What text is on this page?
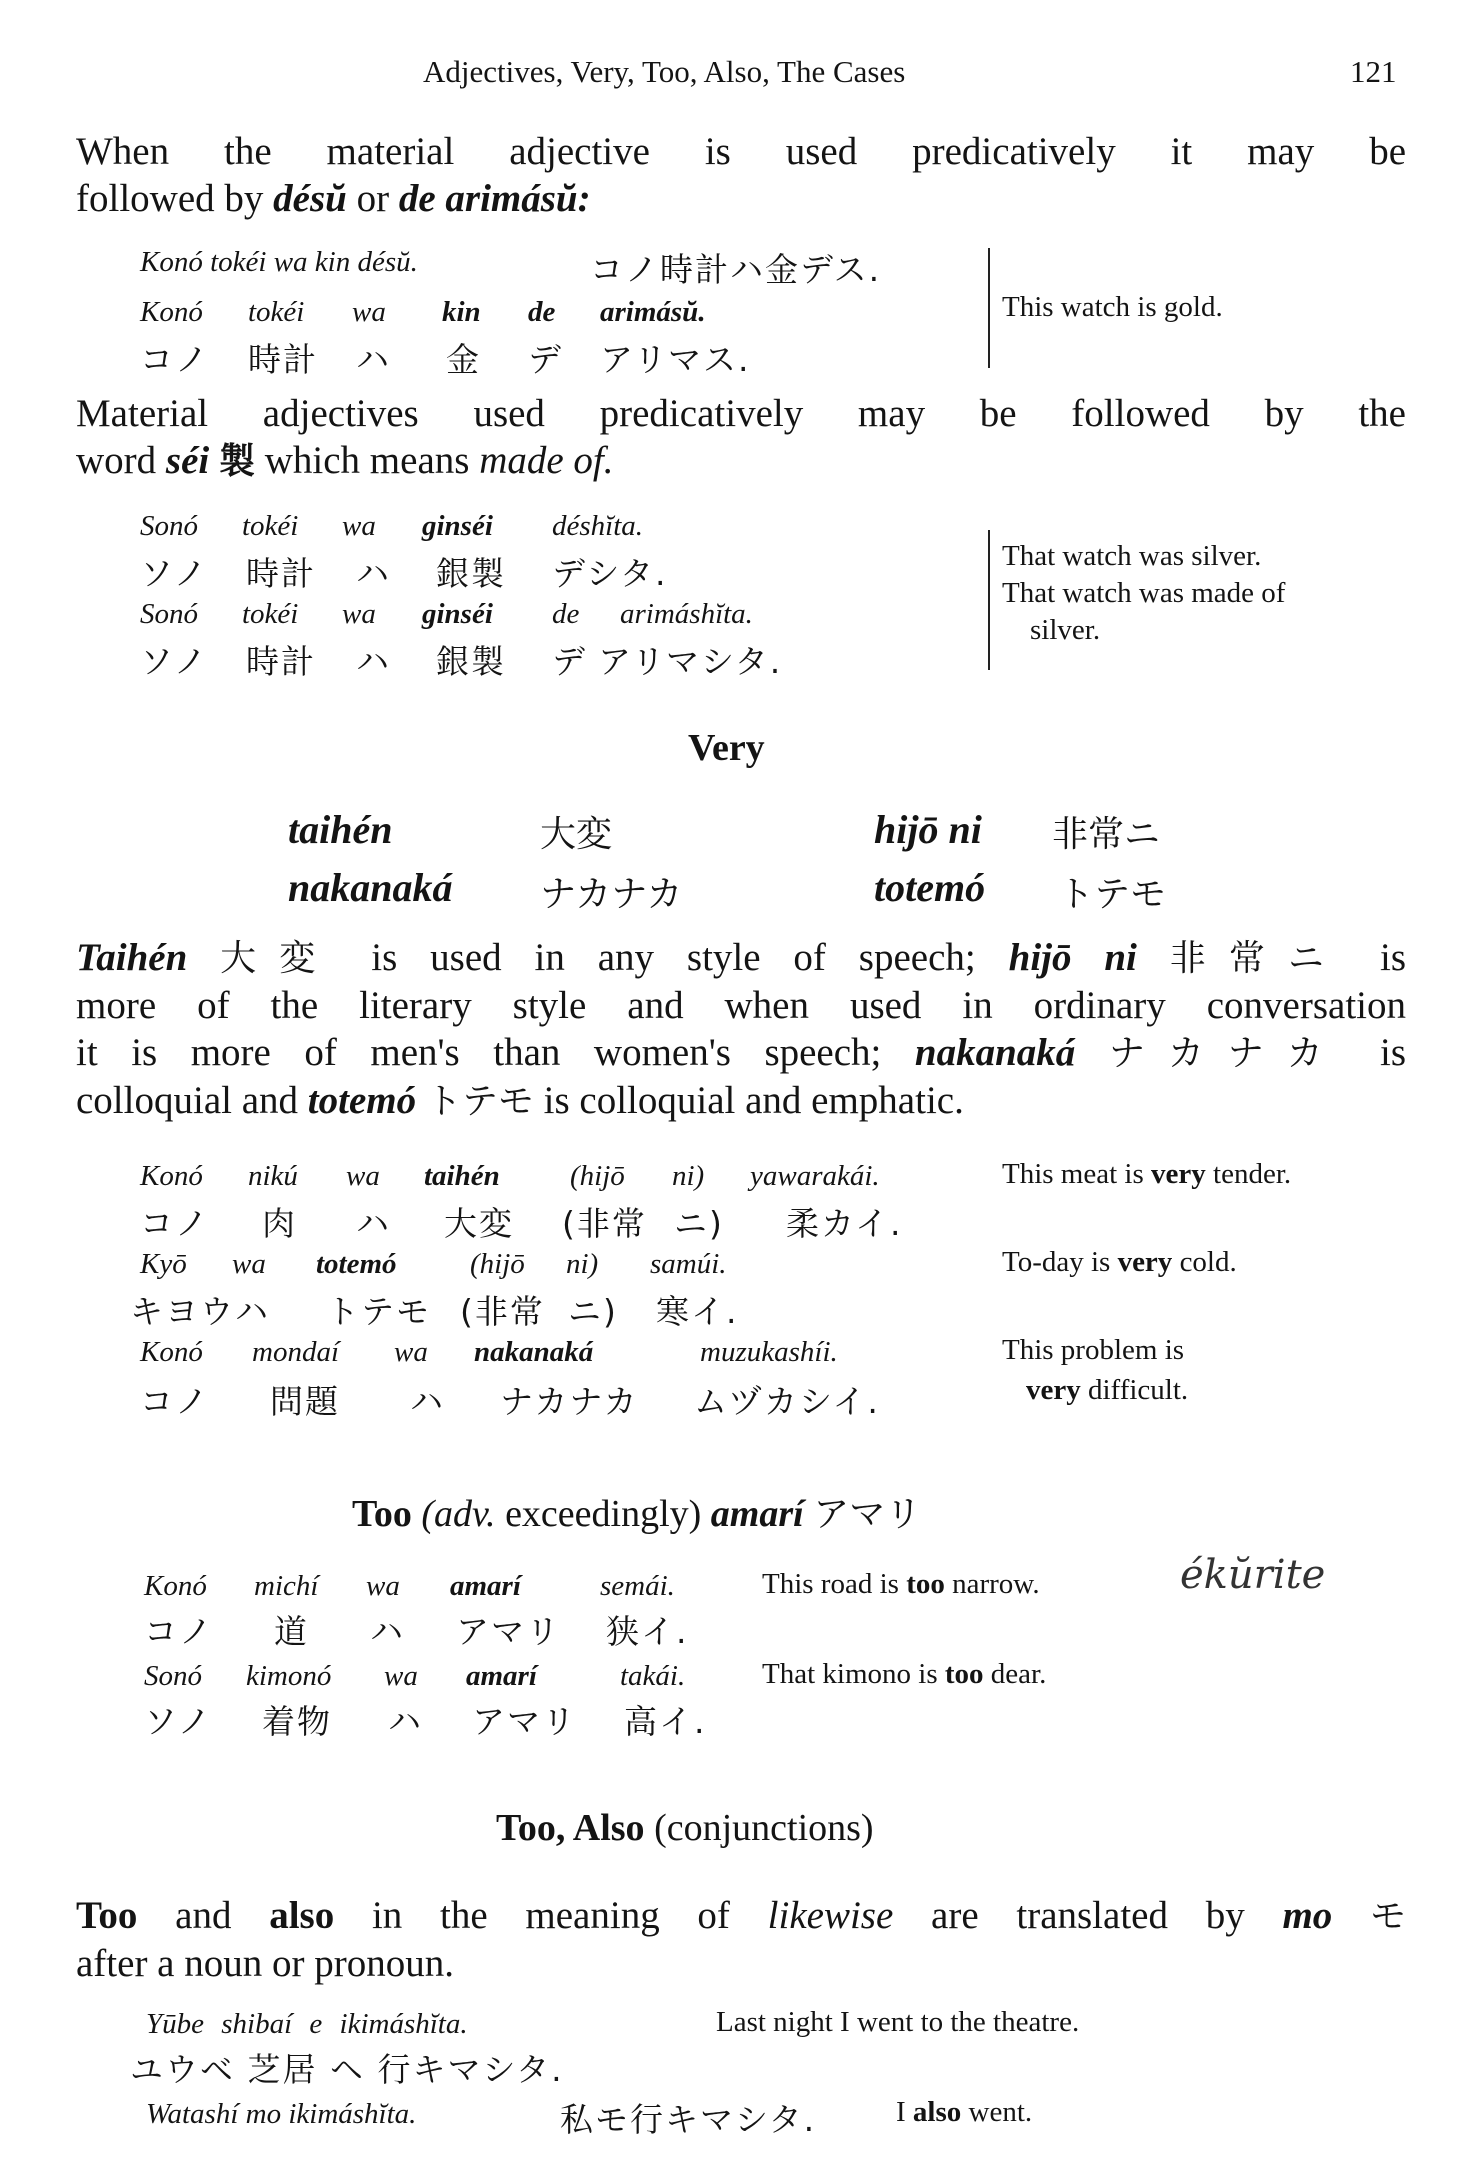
Adjectives, Very, Too, Also, The Cases	121
When the material adjective is used predicatively it may be
followed by désŭ or de arimásŭ:
Konó tokéi wa kin désŭ.	コノ時計ハ金デス.
Konó tokéi wa kin de arimásŭ.
コノ 時計 ハ 金 デ アリマス.
This watch is gold.
Material adjectives used predicatively may be followed by the
word séi 製 which means made of.
Sonó tokéi wa ginséi déshĭta.
ソノ 時計 ハ 銀製 デシタ.
Sonó tokéi wa ginséi de arimáshĭta.
ソノ 時計 ハ 銀製 デ アリマシタ.
That watch was silver.
That watch was made of
silver.
Very
taihén	大変	hijō ni 非常ニ
nakanaká ナカナカ	totemó トテモ
Taihén 大変 is used in any style of speech; hijō ni 非常ニ is
more of the literary style and when used in ordinary conversation
it is more of men's than women's speech; nakanaká ナカナカ is
colloquial and totemó トテモ is colloquial and emphatic.
Konó nikú wa taihén (hijō ni) yawarakái.
コノ 肉 ハ 大変 (非常 ニ) 柔カイ.
This meat is very tender.
Kyō wa totemó	(hijō ni) samúi.
キヨウハ トテモ (非常 ニ) 寒イ.
To-day is very cold.
Konó mondaí wa nakanaká	muzukashíi.
コノ 問題 ハ ナカナカ ムヅカシイ.
This problem is
very difficult.
Too (adv. exceedingly) amarí アマリ
Konó michí wa amarí	semái.
コノ 道 ハ アマリ 狭イ.
This road is too narrow.	ékŭrite
Sonó kimonó wa amarí	takái.
ソノ 着物 ハ アマリ 高イ.
That kimono is too dear.
Too, Also (conjunctions)
Too and also in the meaning of likewise are translated by mo モ
after a noun or pronoun.
Yūbe shibaí e ikimáshĭta.
ユウベ 芝居 ヘ 行キマシタ.
Last night I went to the theatre.
Watashí mo ikimáshĭta.	私モ行キマシタ.	I also went.
